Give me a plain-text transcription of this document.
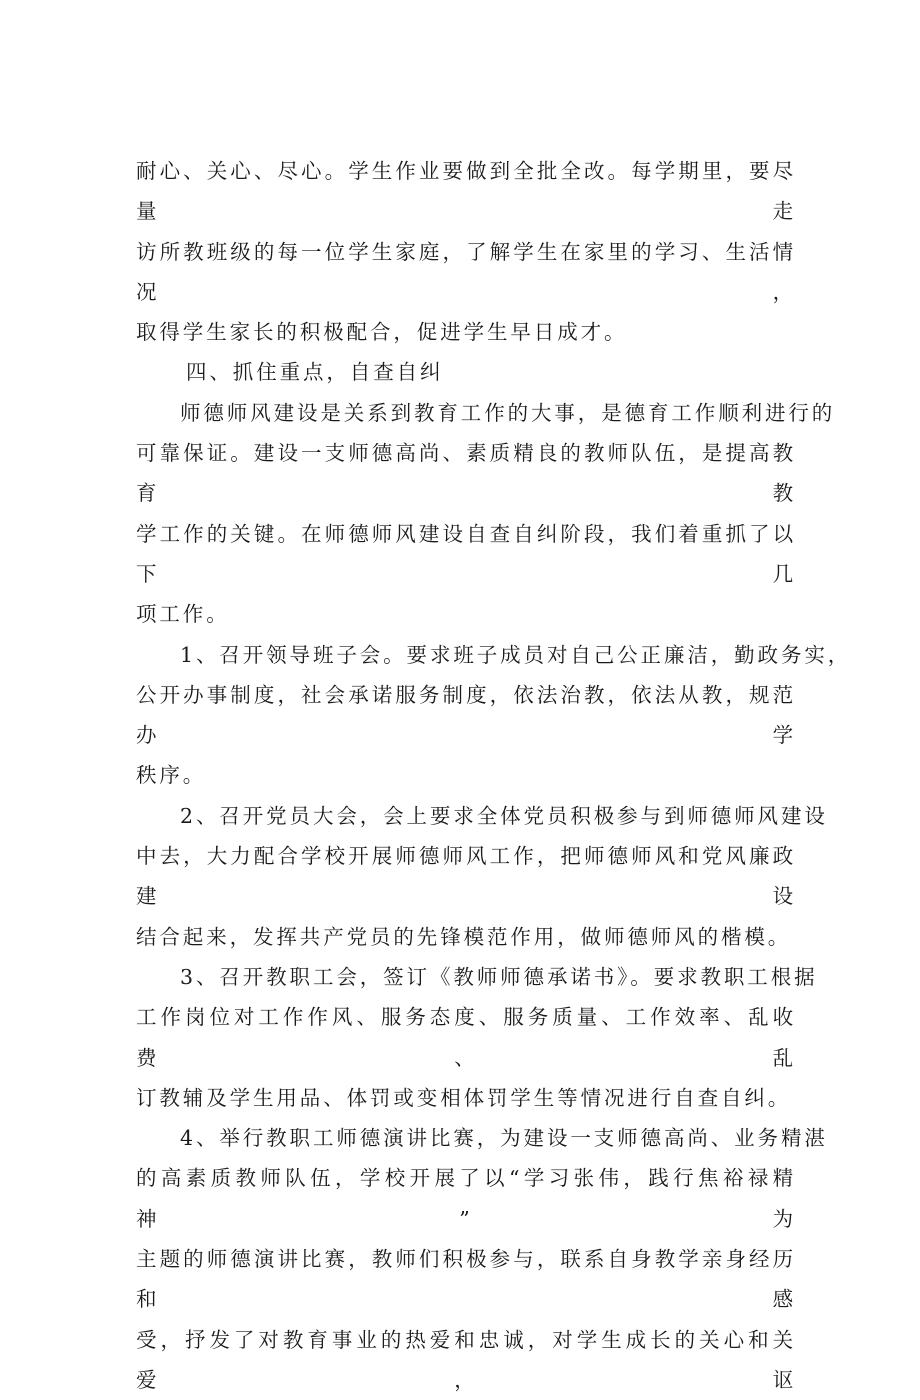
耐心、关心、尽心。学生作业要做到全批全改。每学期里，要尽量走
访所教班级的每一位学生家庭，了解学生在家里的学习、生活情况，
取得学生家长的积极配合，促进学生早日成才。

四、抓住重点，自查自纠

师德师风建设是关系到教育工作的大事，是德育工作顺利进行的
可靠保证。建设一支师德高尚、素质精良的教师队伍，是提高教育教
学工作的关键。在师德师风建设自查自纠阶段，我们着重抓了以下几
项工作。

1、召开领导班子会。要求班子成员对自己公正廉洁，勤政务实，
公开办事制度，社会承诺服务制度，依法治教，依法从教，规范办学
秩序。

2、召开党员大会，会上要求全体党员积极参与到师德师风建设
中去，大力配合学校开展师德师风工作，把师德师风和党风廉政建设
结合起来，发挥共产党员的先锋模范作用，做师德师风的楷模。

3、召开教职工会，签订《教师师德承诺书》。要求教职工根据
工作岗位对工作作风、服务态度、服务质量、工作效率、乱收费、乱
订教辅及学生用品、体罚或变相体罚学生等情况进行自查自纠。

4、举行教职工师德演讲比赛，为建设一支师德高尚、业务精湛
的高素质教师队伍，学校开展了以“学习张伟，践行焦裕禄精神”为
主题的师德演讲比赛，教师们积极参与，联系自身教学亲身经历和感
受，抒发了对教育事业的热爱和忠诚，对学生成长的关心和关爱，讴
